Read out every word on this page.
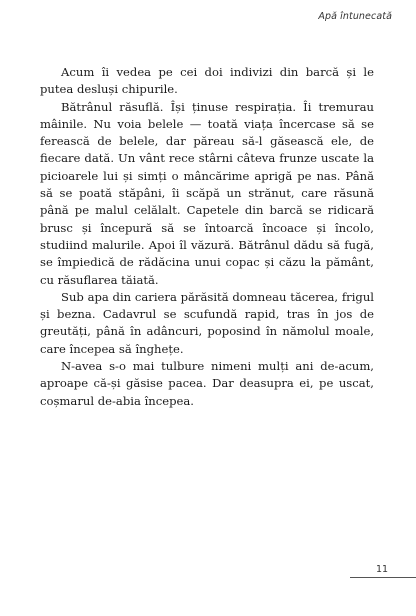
Apă întunecată

Acum îi vedea pe cei doi indivizi din barcă și le putea desluși chipurile.

Bătrânul răsuflă. Își ținuse respirația. Îi tremurau mâinile. Nu voia belele — toată viața încercase să se ferească de belele, dar păreau să-l găsească ele, de fiecare dată. Un vânt rece stârni câteva frunze uscate la picioarele lui și simți o mâncărime aprigă pe nas. Până să se poată stăpâni, îi scăpă un strănut, care răsună până pe malul celălalt. Capetele din barcă se ridicară brusc și începură să se întoarcă încoace și încolo, studiind malurile. Apoi îl văzură. Bătrânul dădu să fugă, se împiedică de rădăcina unui copac și căzu la pământ, cu răsuflarea tăiată.

Sub apa din cariera părăsită domneau tăcerea, frigul și bezna. Cadavrul se scufundă rapid, tras în jos de greutăți, până în adâncuri, poposind în nămolul moale, care începea să înghețe.

N-avea s-o mai tulbure nimeni mulți ani de-acum, aproape că-și găsise pacea. Dar deasupra ei, pe uscat, coșmarul de-abia începea.

11
